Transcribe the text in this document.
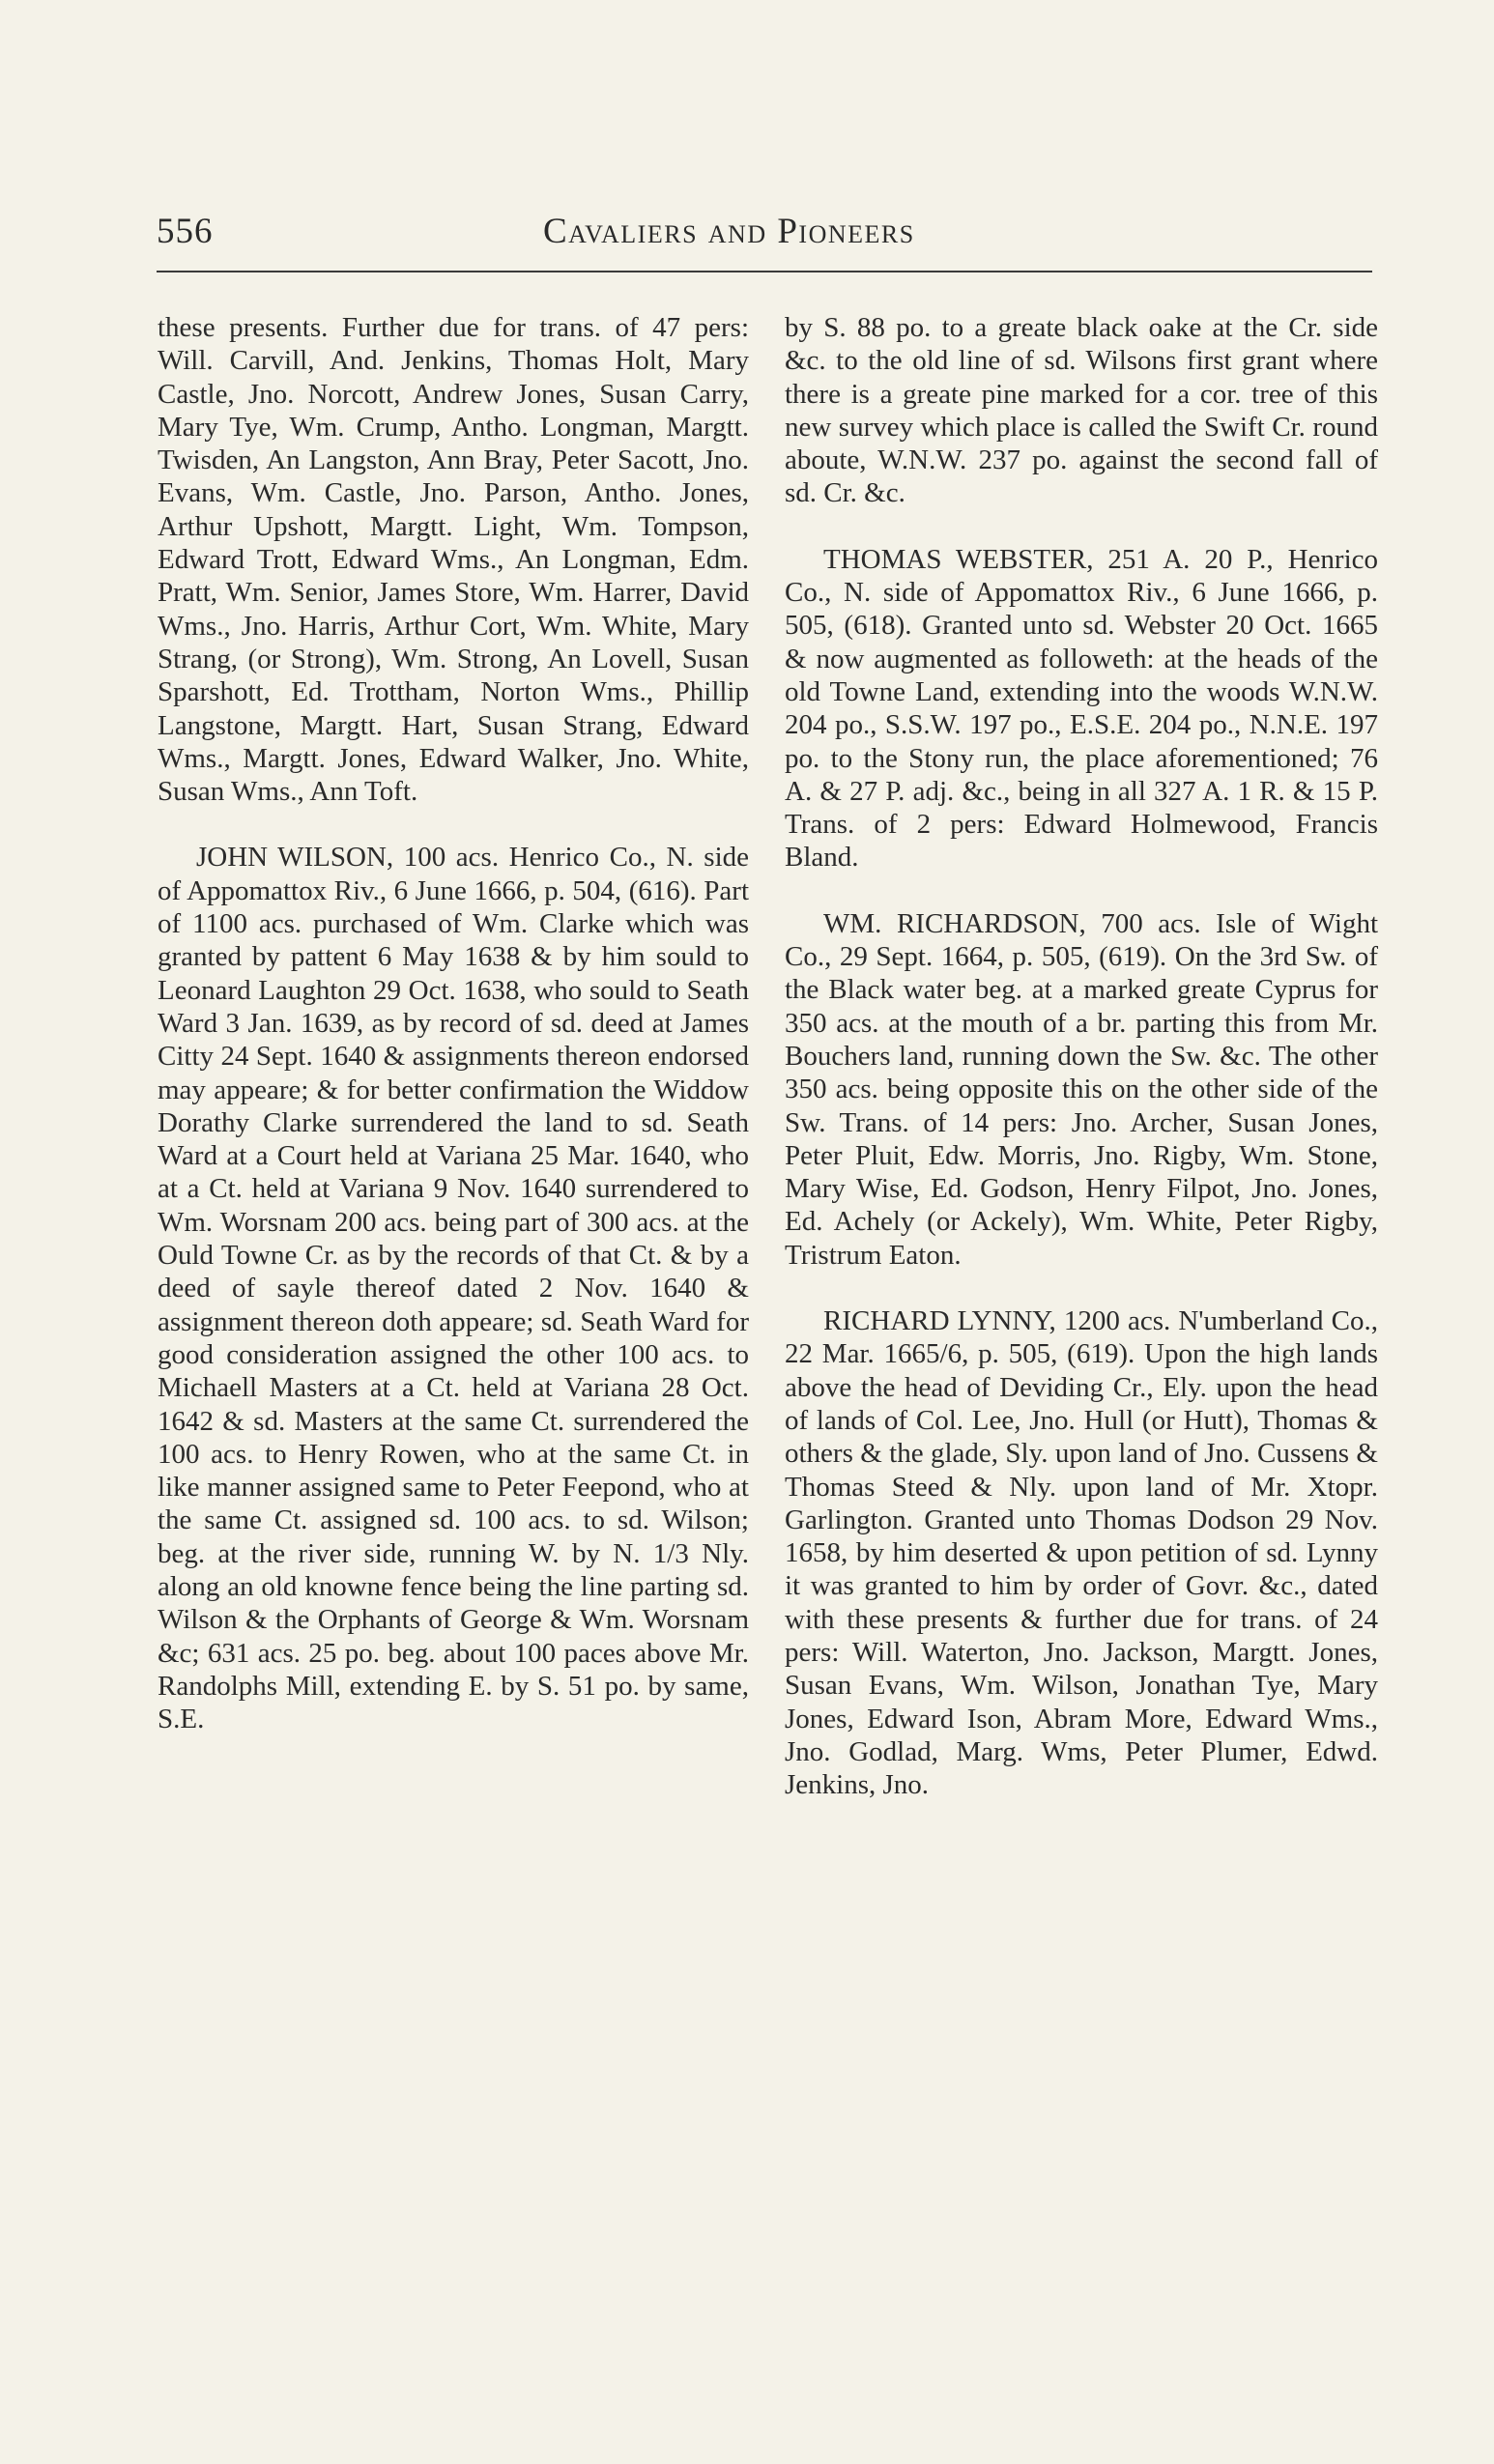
556	Cavaliers and Pioneers

these presents. Further due for trans. of 47 pers: Will. Carvill, And. Jenkins, Thomas Holt, Mary Castle, Jno. Norcott, Andrew Jones, Susan Carry, Mary Tye, Wm. Crump, Antho. Longman, Margtt. Twisden, An Langston, Ann Bray, Peter Sacott, Jno. Evans, Wm. Castle, Jno. Parson, Antho. Jones, Arthur Upshott, Margtt. Light, Wm. Tompson, Edward Trott, Edward Wms., An Longman, Edm. Pratt, Wm. Senior, James Store, Wm. Harrer, David Wms., Jno. Harris, Arthur Cort, Wm. White, Mary Strang, (or Strong), Wm. Strong, An Lovell, Susan Sparshott, Ed. Trottham, Norton Wms., Phillip Langstone, Margtt. Hart, Susan Strang, Edward Wms., Margtt. Jones, Edward Walker, Jno. White, Susan Wms., Ann Toft.

JOHN WILSON, 100 acs. Henrico Co., N. side of Appomattox Riv., 6 June 1666, p. 504, (616). Part of 1100 acs. purchased of Wm. Clarke which was granted by pattent 6 May 1638 & by him sould to Leonard Laughton 29 Oct. 1638, who sould to Seath Ward 3 Jan. 1639, as by record of sd. deed at James Citty 24 Sept. 1640 & assignments thereon endorsed may appeare; & for better confirmation the Widdow Dorathy Clarke surrendered the land to sd. Seath Ward at a Court held at Variana 25 Mar. 1640, who at a Ct. held at Variana 9 Nov. 1640 surrendered to Wm. Worsnam 200 acs. being part of 300 acs. at the Ould Towne Cr. as by the records of that Ct. & by a deed of sayle thereof dated 2 Nov. 1640 & assignment thereon doth appeare; sd. Seath Ward for good consideration assigned the other 100 acs. to Michaell Masters at a Ct. held at Variana 28 Oct. 1642 & sd. Masters at the same Ct. surrendered the 100 acs. to Henry Rowen, who at the same Ct. in like manner assigned same to Peter Feepond, who at the same Ct. assigned sd. 100 acs. to sd. Wilson; beg. at the river side, running W. by N. 1/3 Nly. along an old knowne fence being the line parting sd. Wilson & the Orphants of George & Wm. Worsnam &c; 631 acs. 25 po. beg. about 100 paces above Mr. Randolphs Mill, extending E. by S. 51 po. by same, S.E.

by S. 88 po. to a greate black oake at the Cr. side &c. to the old line of sd. Wilsons first grant where there is a greate pine marked for a cor. tree of this new survey which place is called the Swift Cr. round aboute, W.N.W. 237 po. against the second fall of sd. Cr. &c.

THOMAS WEBSTER, 251 A. 20 P., Henrico Co., N. side of Appomattox Riv., 6 June 1666, p. 505, (618). Granted unto sd. Webster 20 Oct. 1665 & now augmented as followeth: at the heads of the old Towne Land, extending into the woods W.N.W. 204 po., S.S.W. 197 po., E.S.E. 204 po., N.N.E. 197 po. to the Stony run, the place aforementioned; 76 A. & 27 P. adj. &c., being in all 327 A. 1 R. & 15 P. Trans. of 2 pers: Edward Holmewood, Francis Bland.

WM. RICHARDSON, 700 acs. Isle of Wight Co., 29 Sept. 1664, p. 505, (619). On the 3rd Sw. of the Black water beg. at a marked greate Cyprus for 350 acs. at the mouth of a br. parting this from Mr. Bouchers land, running down the Sw. &c. The other 350 acs. being opposite this on the other side of the Sw. Trans. of 14 pers: Jno. Archer, Susan Jones, Peter Pluit, Edw. Morris, Jno. Rigby, Wm. Stone, Mary Wise, Ed. Godson, Henry Filpot, Jno. Jones, Ed. Achely (or Ackely), Wm. White, Peter Rigby, Tristrum Eaton.

RICHARD LYNNY, 1200 acs. N'umberland Co., 22 Mar. 1665/6, p. 505, (619). Upon the high lands above the head of Deviding Cr., Ely. upon the head of lands of Col. Lee, Jno. Hull (or Hutt), Thomas & others & the glade, Sly. upon land of Jno. Cussens & Thomas Steed & Nly. upon land of Mr. Xtopr. Garlington. Granted unto Thomas Dodson 29 Nov. 1658, by him deserted & upon petition of sd. Lynny it was granted to him by order of Govr. &c., dated with these presents & further due for trans. of 24 pers: Will. Waterton, Jno. Jackson, Margtt. Jones, Susan Evans, Wm. Wilson, Jonathan Tye, Mary Jones, Edward Ison, Abram More, Edward Wms., Jno. Godlad, Marg. Wms, Peter Plumer, Edwd. Jenkins, Jno.
